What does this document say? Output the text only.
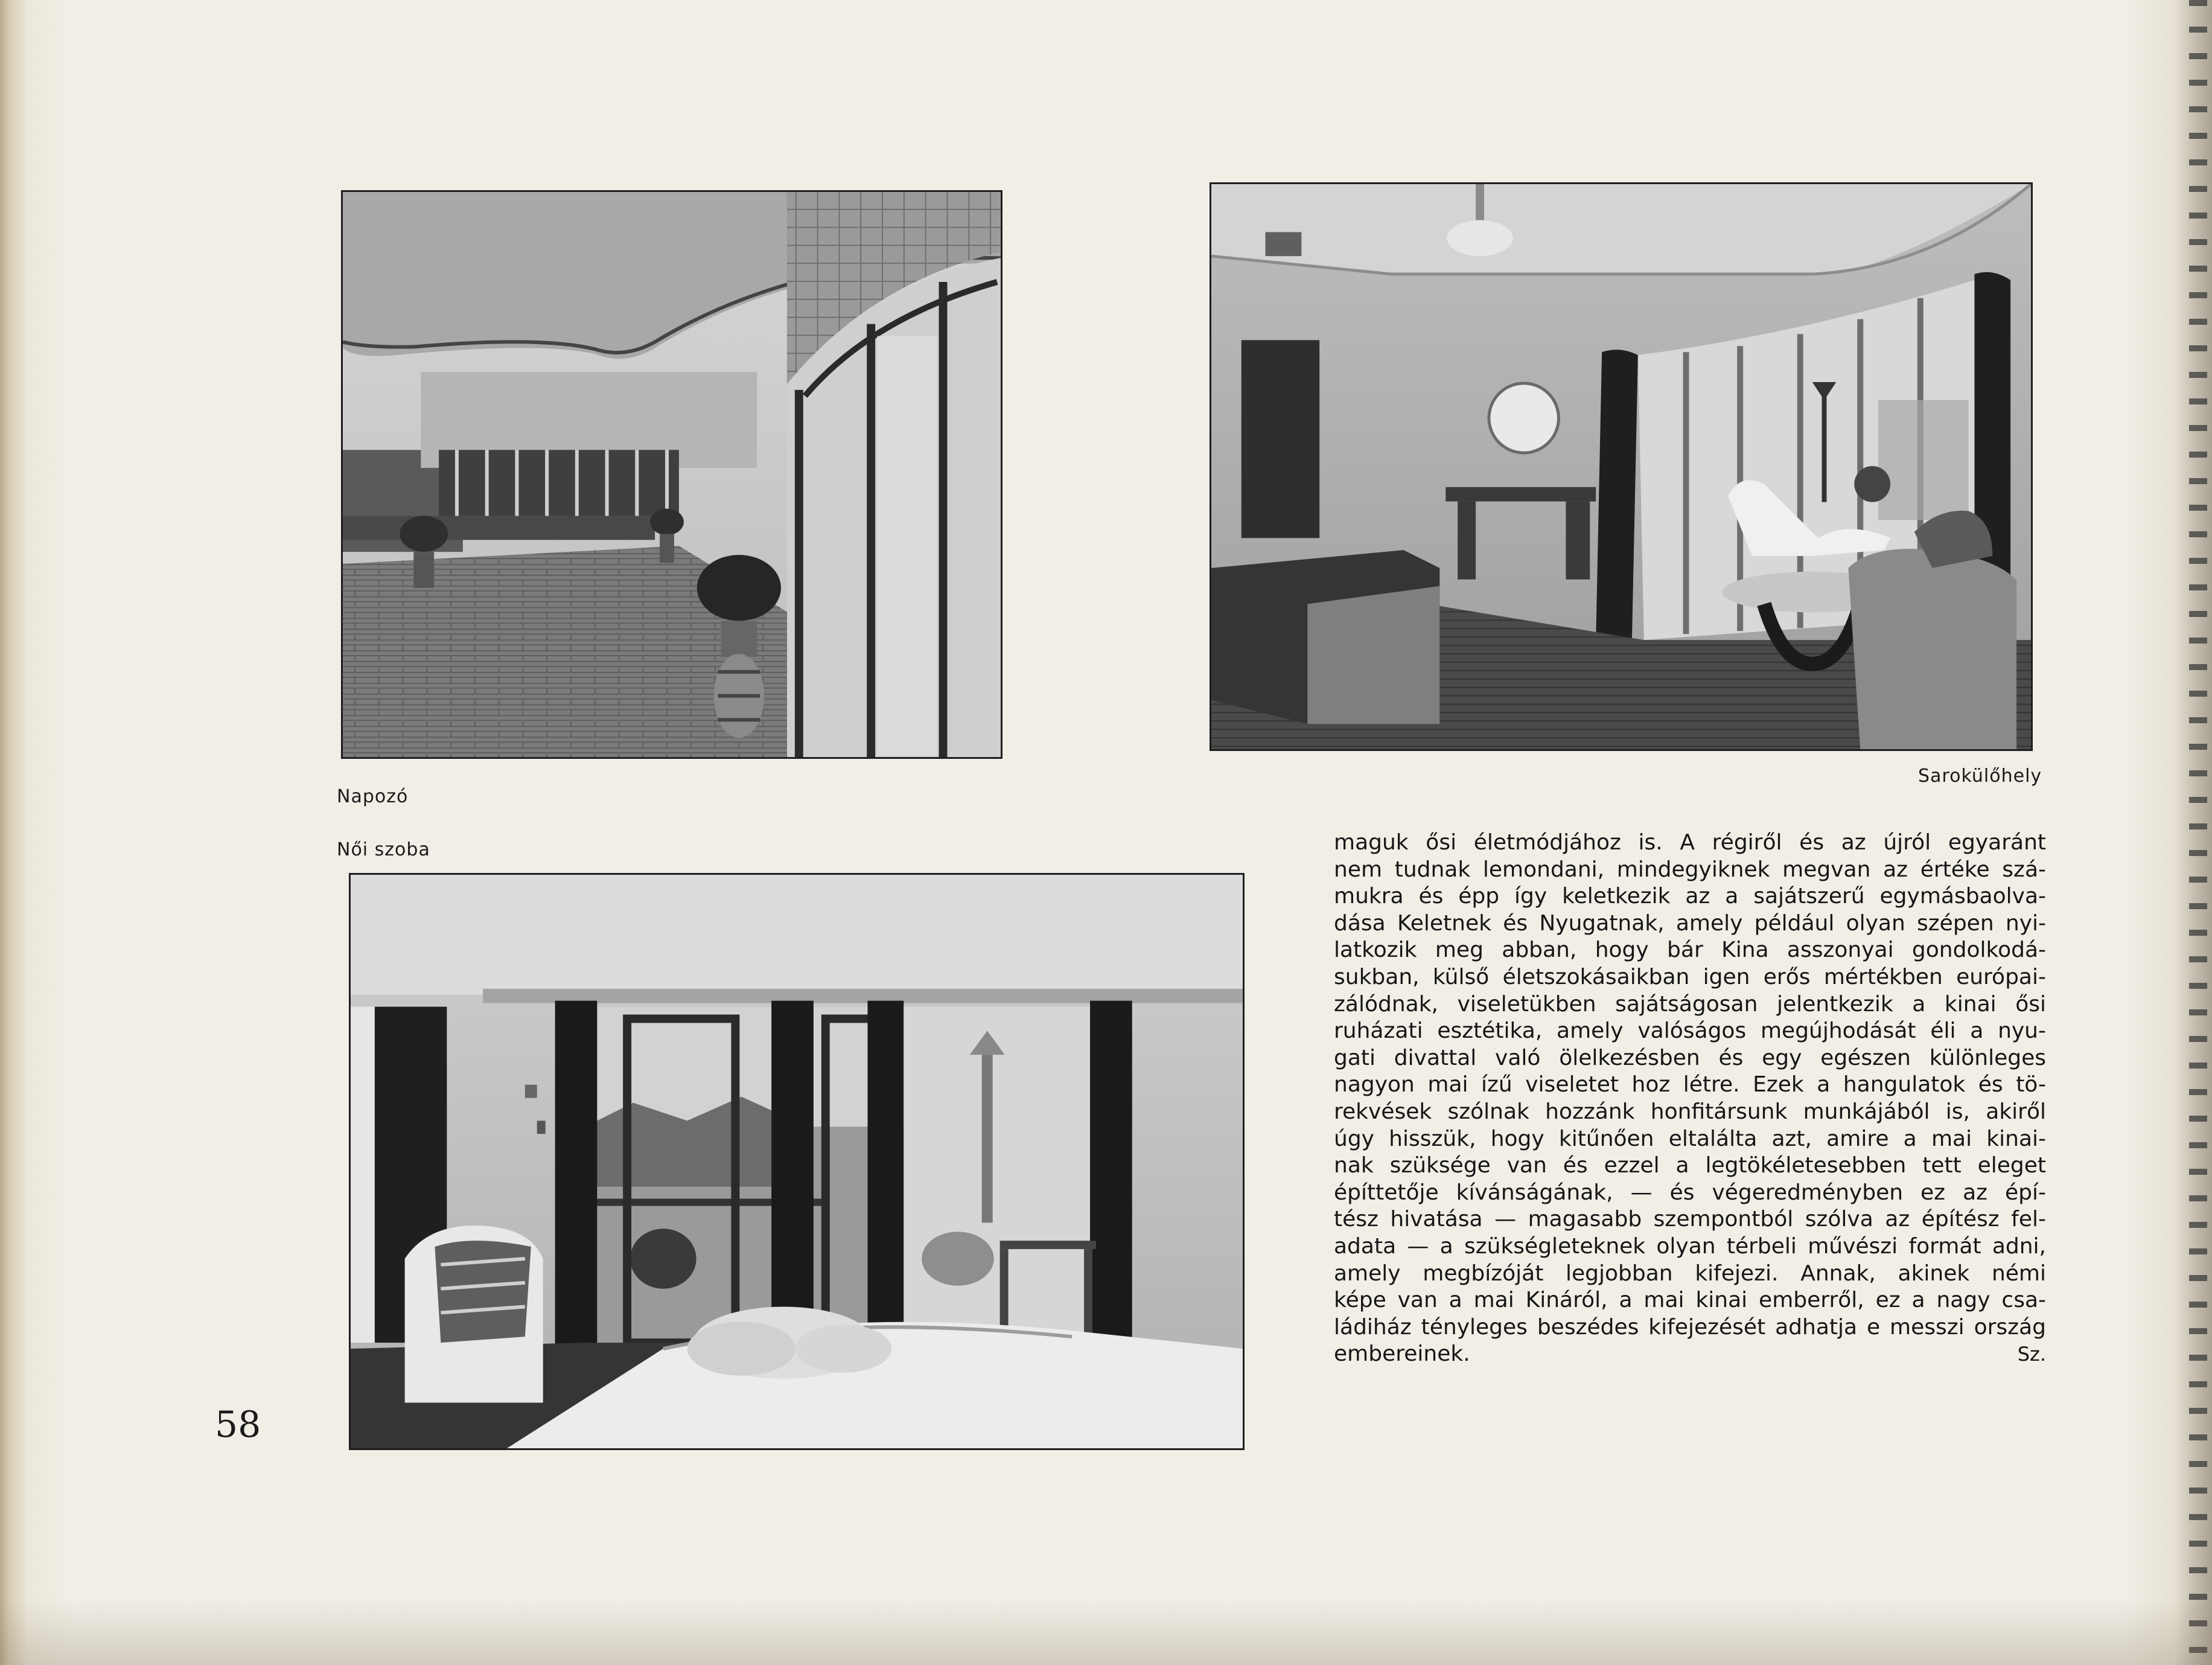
Napozó
Sarokülőhely
Női szoba	maguk ősi életmódjához is. A régiről és az újról egyaránt
nem tudnak lemondani, mindegyiknek megvan az értéke szá-
mukra és épp így keletkezik az a sajátszerű egymásbaolva-
dása Keletnek és Nyugatnak, amely például olyan szépen nyi-
latkozik meg abban, hogy bár Kina asszonyai gondolkodá-
sukban, külső életszokásaikban igen erős mértékben európai-
zálódnak, viseletükben sajátságosan jelentkezik a kinai ősi
ruházati esztétika, amely valóságos megújhodását éli a nyu-
gati divattal való ölelkezésben és egy egészen különleges
nagyon mai ízű viseletet hoz létre. Ezek a hangulatok és tö-
rekvések szólnak hozzánk honfitársunk munkájából is, akiről
úgy hisszük, hogy kitűnően eltalálta azt, amire a mai kinai-
nak szüksége van és ezzel a legtökéletesebben tett eleget
építtetője kívánságának, — és végeredményben ez az épí-
tész hivatása — magasabb szempontból szólva az építész fel-
adata — a szükségleteknek olyan térbeli művészi formát adni,
amely megbízóját legjobban kifejezi. Annak, akinek némi
képe van a mai Kináról, a mai kinai emberről, ez a nagy csa-
ládiház tényleges beszédes kifejezését adhatja e messzi ország
embereinek.	Sz.
58
